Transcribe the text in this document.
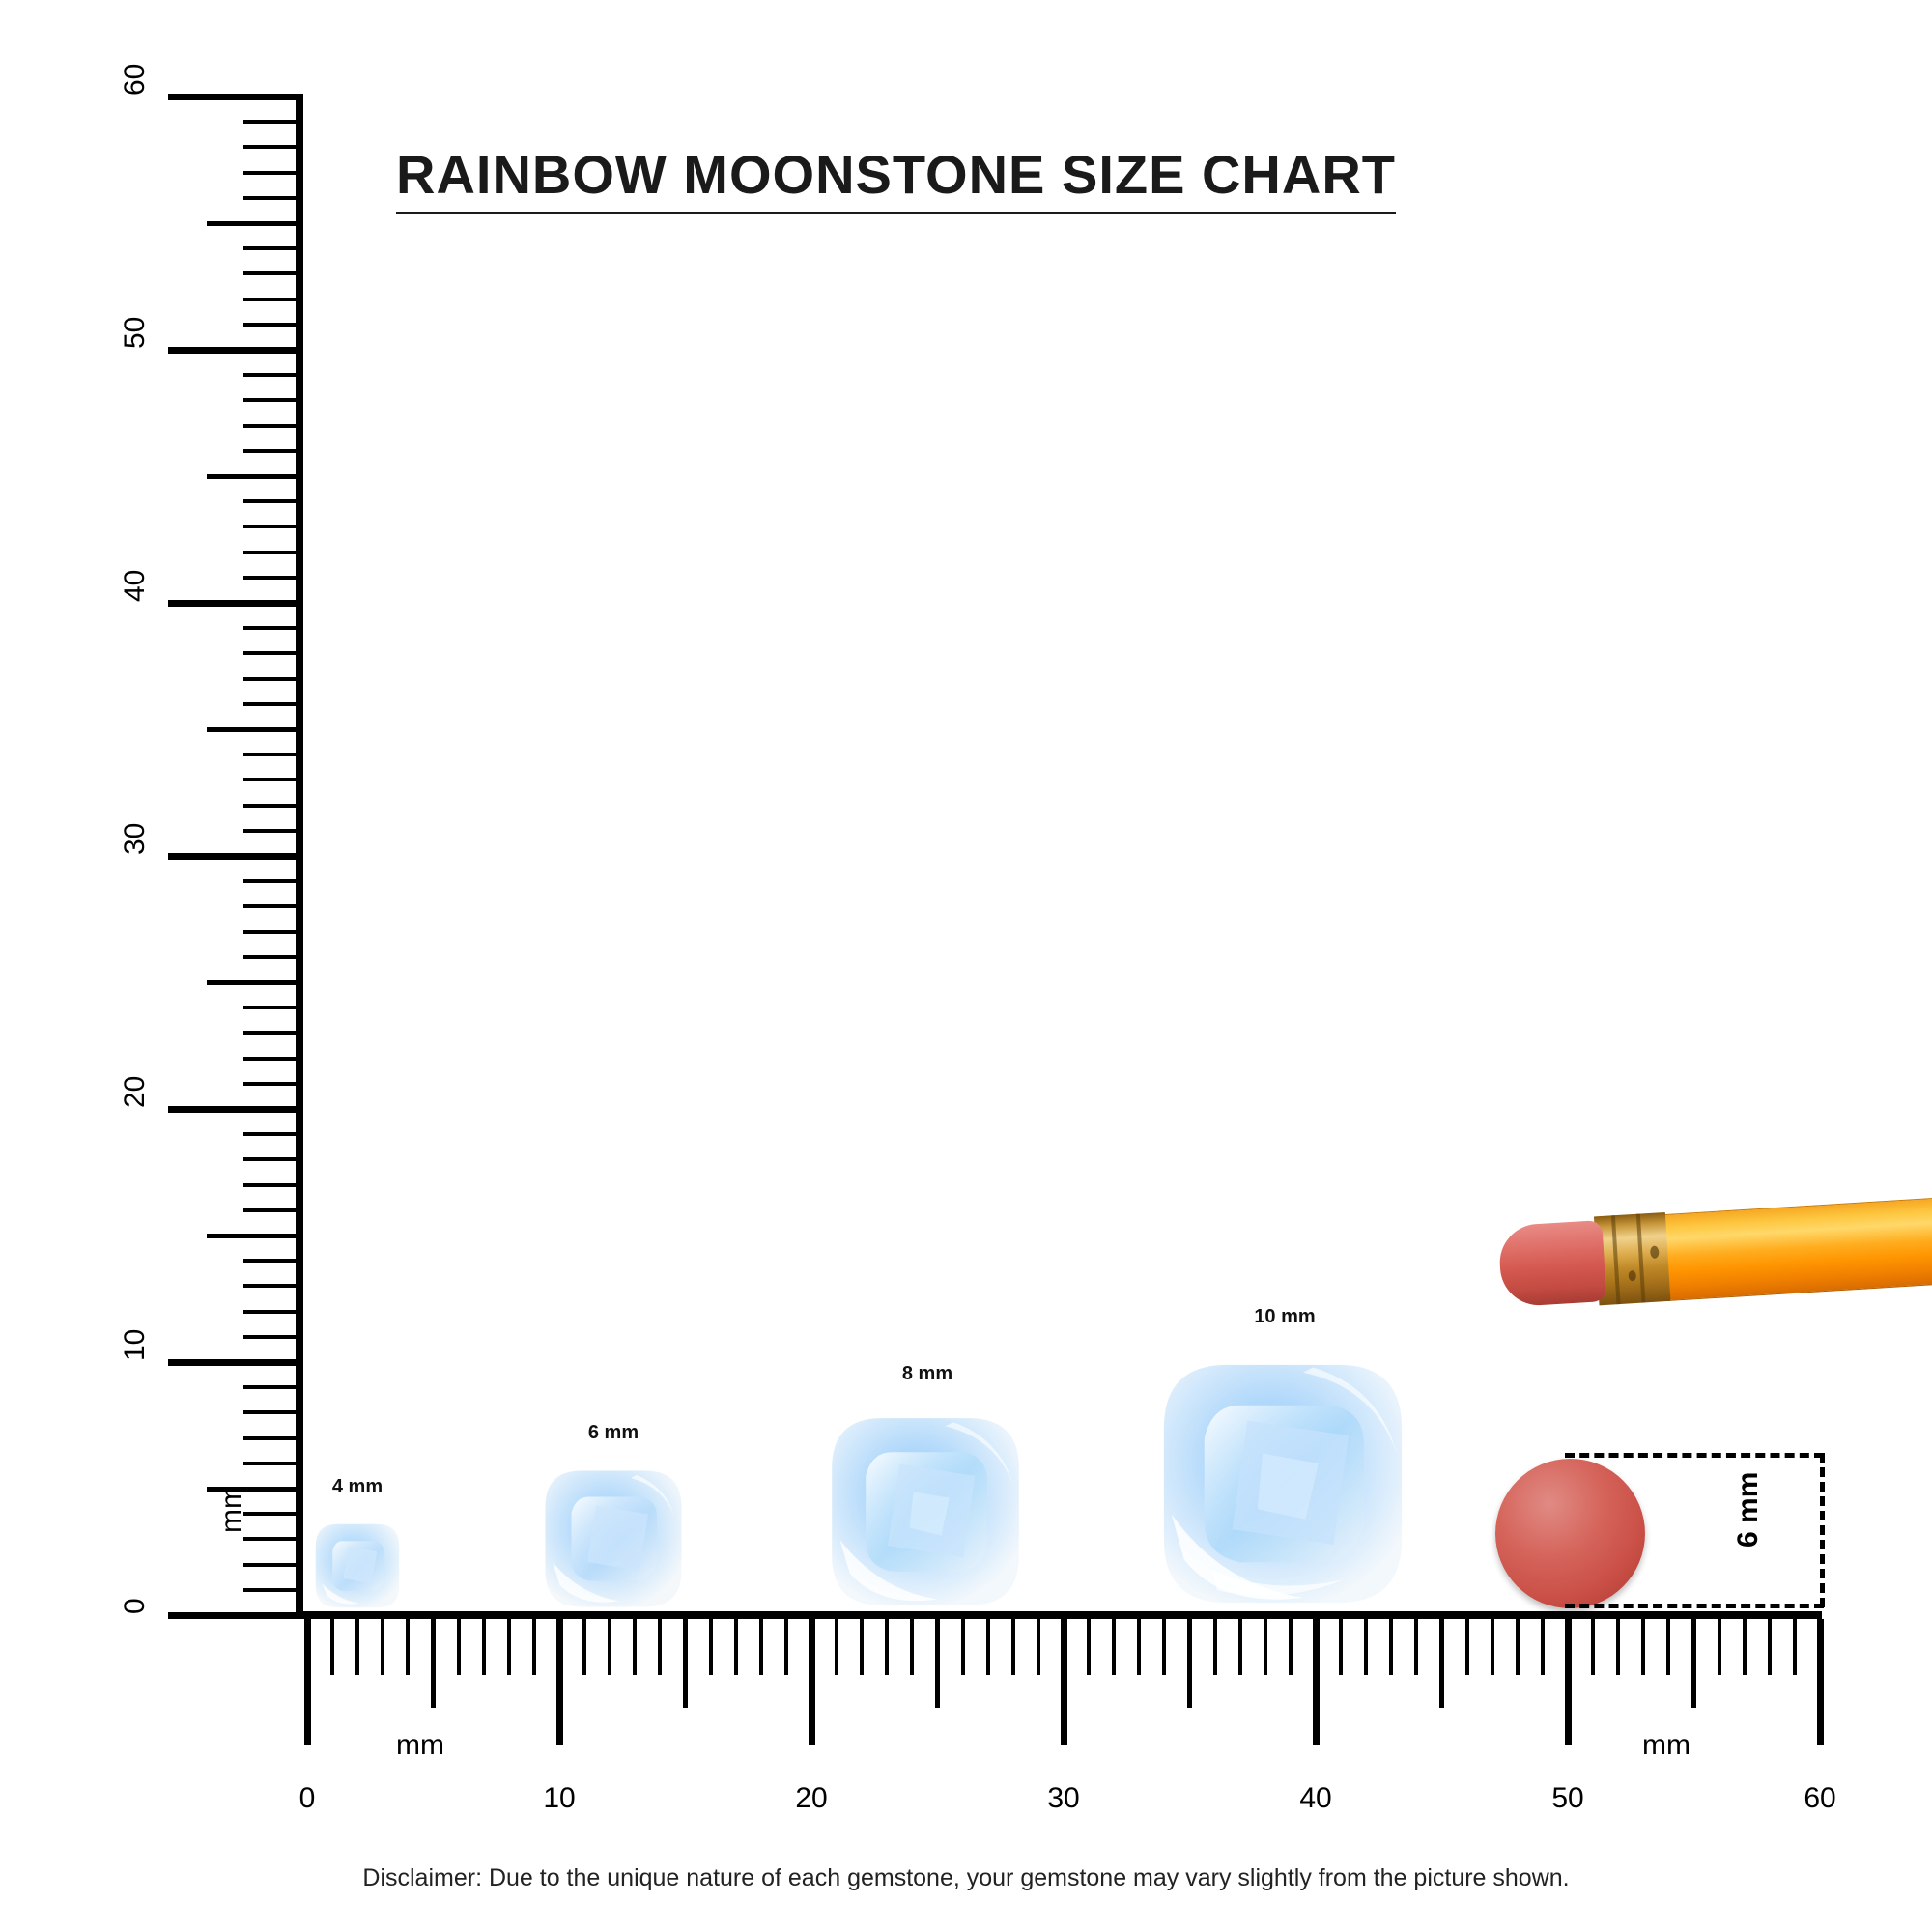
RAINBOW MOONSTONE SIZE CHART
0
10
20
30
40
50
60
mm
0	10	20	30	40	50	60
mm	mm
4 mm
6 mm
8 mm
10 mm
6 mm
Disclaimer: Due to the unique nature of each gemstone, your gemstone may vary slightly from the picture shown.
